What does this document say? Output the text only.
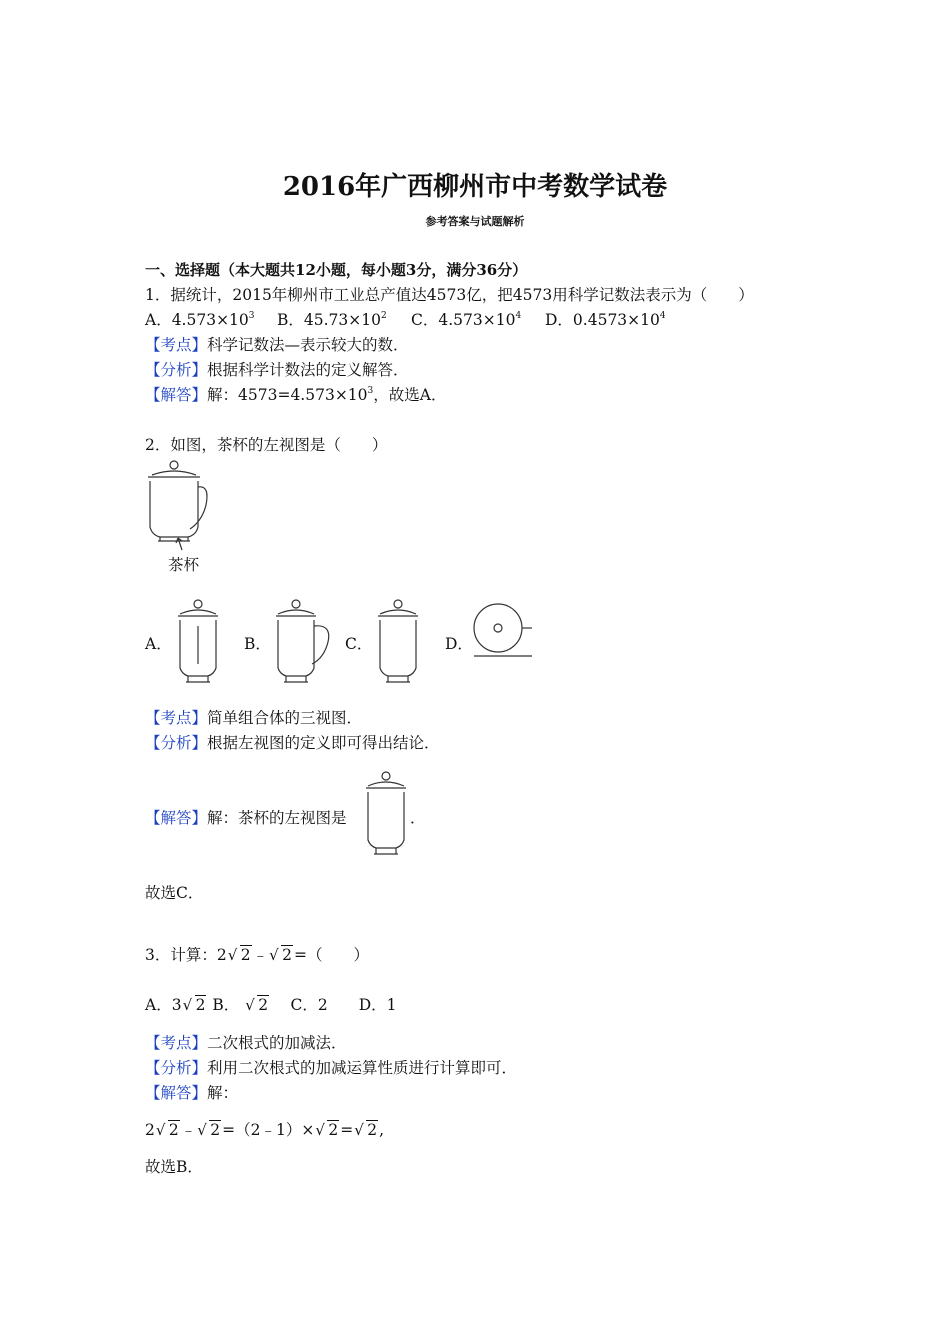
2016年广西柳州市中考数学试卷
参考答案与试题解析
一、选择题（本大题共12小题，每小题3分，满分36分）
1．据统计，2015年柳州市工业总产值达4573亿，把4573用科学记数法表示为（　　）
A．$4.573\times 10^3$ B．$45.73\times 10^2$ C．$4.573\times 10^4$ D．$0.4573\times 10^4$
【考点】科学记数法—表示较大的数．
【分析】根据科学计数法的定义解答．
【解答】解：$4573=4.573\times 10^3$，故选A．
2．如图，茶杯的左视图是（　　）
茶杯
A．	B．	C．	D．
【考点】简单组合体的三视图．
【分析】根据左视图的定义即可得出结论．
【解答】解：茶杯的左视图是	．
故选C．
3．计算：2 √ 2 ﹣ √ 2 =（　　）
A．3 √ 2 B． √ 2　 C．2　　D．1
【考点】二次根式的加减法．
【分析】利用二次根式的加减运算性质进行计算即可．
【解答】解：
2 √ 2 ﹣ √ 2 =（2﹣1）× √ 2 = √ 2 ,
故选B．
